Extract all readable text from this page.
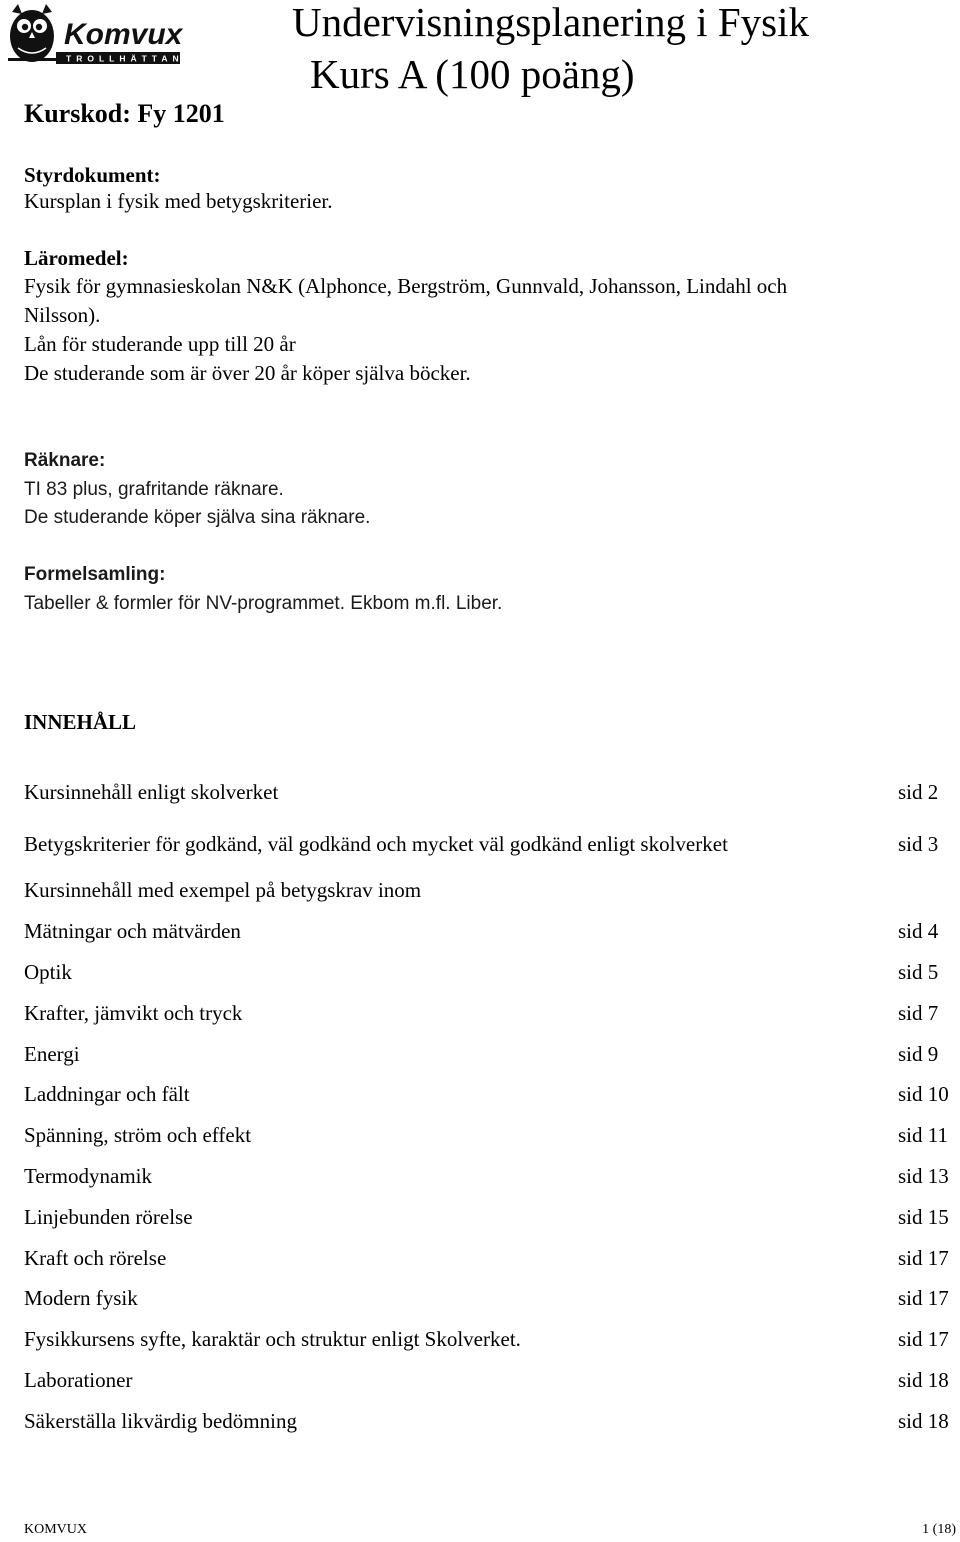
Komvux
TROLLHÄTTAN
Undervisningsplanering i Fysik
Kurs A (100 poäng)
Kurskod: Fy 1201
Styrdokument:
Kursplan i fysik med betygskriterier.
Läromedel:
Fysik för gymnasieskolan N&K (Alphonce, Bergström, Gunnvald, Johansson, Lindahl och
Nilsson).
Lån för studerande upp till 20 år
De studerande som är över 20 år köper själva böcker.
Räknare:
TI 83 plus, grafritande räknare.
De studerande köper själva sina räknare.
Formelsamling:
Tabeller & formler för NV-programmet. Ekbom m.fl. Liber.
INNEHÅLL
Kursinnehåll enligt skolverket	sid 2
Betygskriterier för godkänd, väl godkänd och mycket väl godkänd enligt skolverket	sid 3
Kursinnehåll med exempel på betygskrav inom
Mätningar och mätvärden	sid 4
Optik	sid 5
Krafter, jämvikt och tryck	sid 7
Energi	sid 9
Laddningar och fält	sid 10
Spänning, ström och effekt	sid 11
Termodynamik	sid 13
Linjebunden rörelse	sid 15
Kraft och rörelse	sid 17
Modern fysik	sid 17
Fysikkursens syfte, karaktär och struktur enligt Skolverket.	sid 17
Laborationer	sid 18
Säkerställa likvärdig bedömning	sid 18
KOMVUX	1 (18)
